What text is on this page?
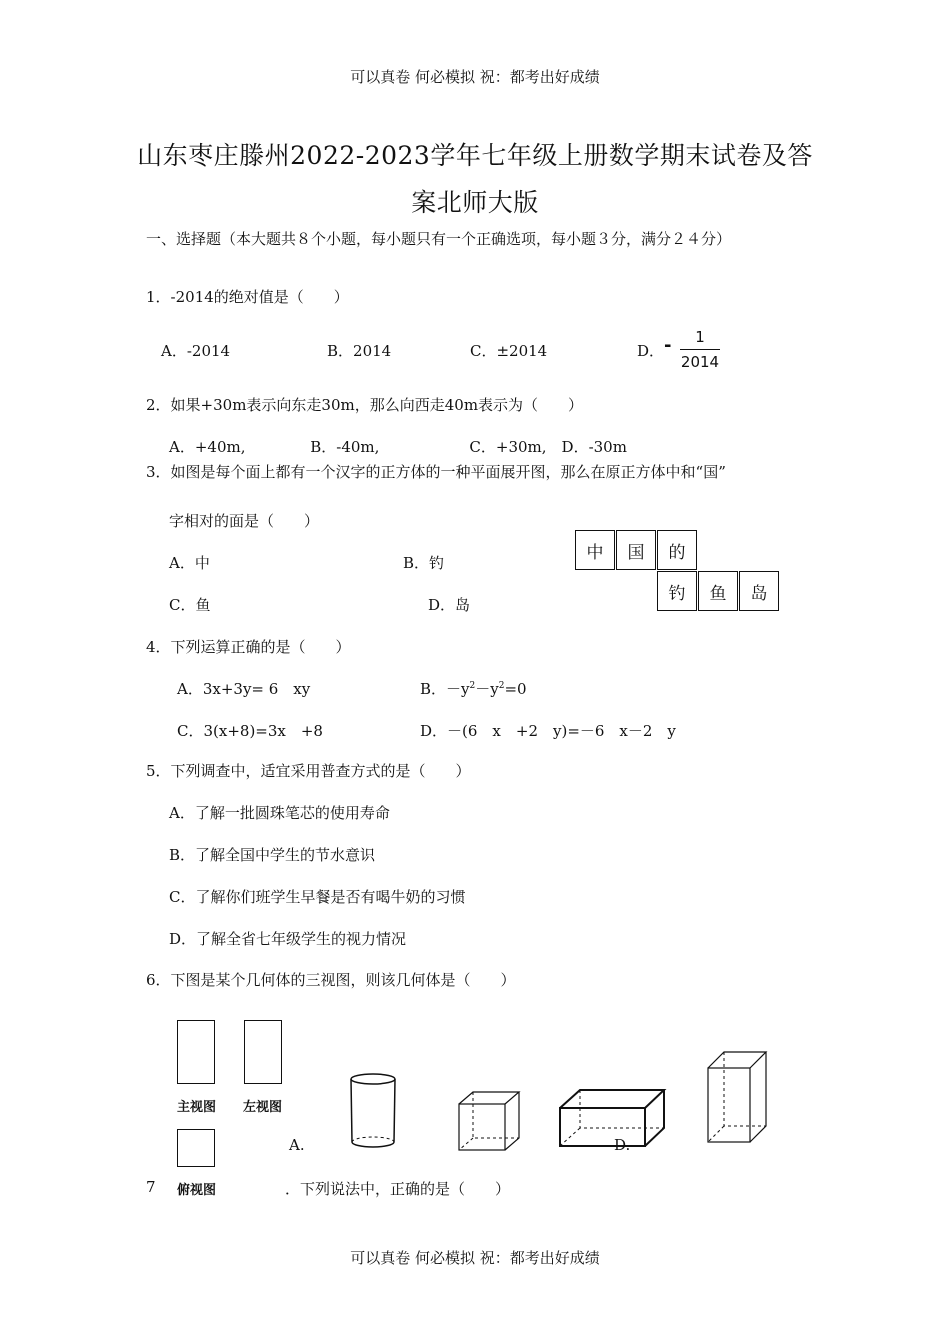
可以真卷 何必模拟 祝：都考出好成绩
可以真卷 何必模拟 祝：都考出好成绩
山东枣庄滕州2022-2023学年七年级上册数学期末试卷及答
案北师大版
一、选择题（本大题共８个小题，每小题只有一个正确选项，每小题３分，满分２４分）
1．-2014的绝对值是（　　）
A．-2014	B．2014	C．±2014	D． -	1
2014
2．如果+30m表示向东走30m，那么向西走40m表示为（　　）
A．+40m,　　　　 B．-40m,　　　　　　C．+30m,　D．-30m
3．如图是每个面上都有一个汉字的正方体的一种平面展开图，那么在原正方体中和“国”
字相对的面是（　　）
A．中	B．钓
C．鱼	D．岛
中	国	的
钓	鱼	岛
4．下列运算正确的是（　　）
A．3x+3y= 6　xy	B．$-y^2-y^2=0$
C．3(x+8)=3x　+8	D．－(6　x　+2　y)=－6　x－2　y
5．下列调查中，适宜采用普查方式的是（　　）
A．了解一批圆珠笔芯的使用寿命
B．了解全国中学生的节水意识
C．了解你们班学生早餐是否有喝牛奶的习惯
D．了解全省七年级学生的视力情况
6．下图是某个几何体的三视图，则该几何体是（　　）
主视图 左视图
俯视图
A.	D.
7	．下列说法中，正确的是（　　）
